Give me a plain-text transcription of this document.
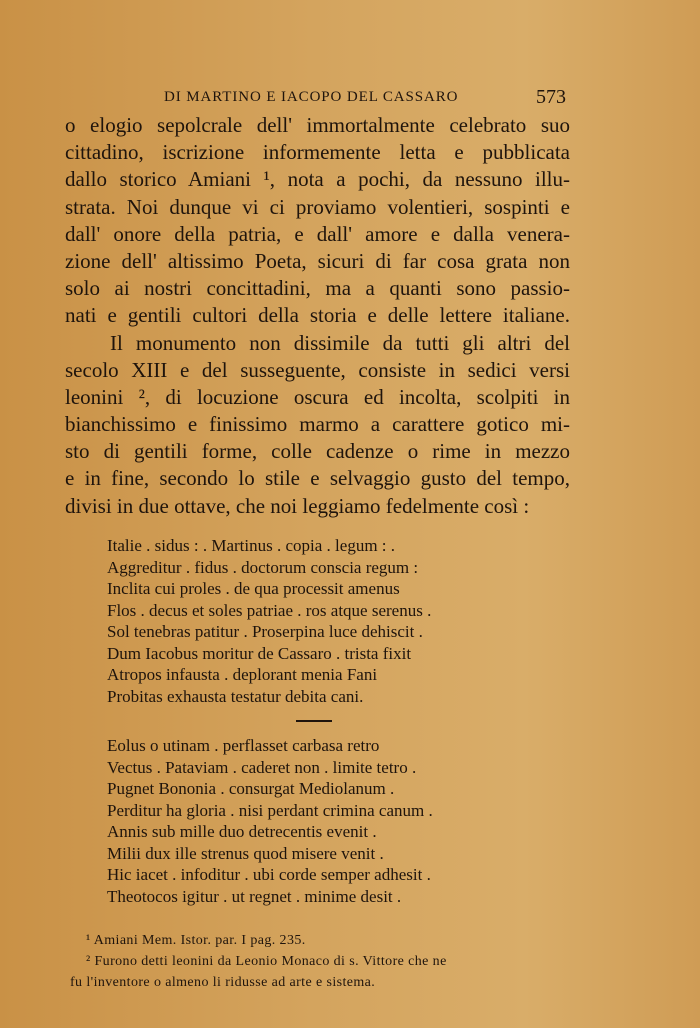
DI MARTINO E IACOPO DEL CASSARO	573
o elogio sepolcrale dell' immortalmente celebrato suo
cittadino, iscrizione informemente letta e pubblicata
dallo storico Amiani ¹, nota a pochi, da nessuno illu-
strata. Noi dunque vi ci proviamo volentieri, sospinti e
dall' onore della patria, e dall' amore e dalla venera-
zione dell' altissimo Poeta, sicuri di far cosa grata non
solo ai nostri concittadini, ma a quanti sono passio-
nati e gentili cultori della storia e delle lettere italiane.
Il monumento non dissimile da tutti gli altri del
secolo XIII e del susseguente, consiste in sedici versi
leonini ², di locuzione oscura ed incolta, scolpiti in
bianchissimo e finissimo marmo a carattere gotico mi-
sto di gentili forme, colle cadenze o rime in mezzo
e in fine, secondo lo stile e selvaggio gusto del tempo,
divisi in due ottave, che noi leggiamo fedelmente così :
Italie . sidus : . Martinus . copia . legum : .
Aggreditur . fidus . doctorum conscia regum :
Inclita cui proles . de qua processit amenus
Flos . decus et soles patriae . ros atque serenus .
Sol tenebras patitur . Proserpina luce dehiscit .
Dum Iacobus moritur de Cassaro . trista fixit
Atropos infausta . deplorant menia Fani
Probitas exhausta testatur debita cani.
Eolus o utinam . perflasset carbasa retro
Vectus . Pataviam . caderet non . limite tetro .
Pugnet Bononia . consurgat Mediolanum .
Perditur ha gloria . nisi perdant crimina canum .
Annis sub mille duo detrecentis evenit .
Milii dux ille strenus quod misere venit .
Hic iacet . infoditur . ubi corde semper adhesit .
Theotocos igitur . ut regnet . minime desit .
¹ Amiani Mem. Istor. par. I pag. 235.
² Furono detti leonini da Leonio Monaco di s. Vittore che ne
fu l'inventore o almeno li ridusse ad arte e sistema.
